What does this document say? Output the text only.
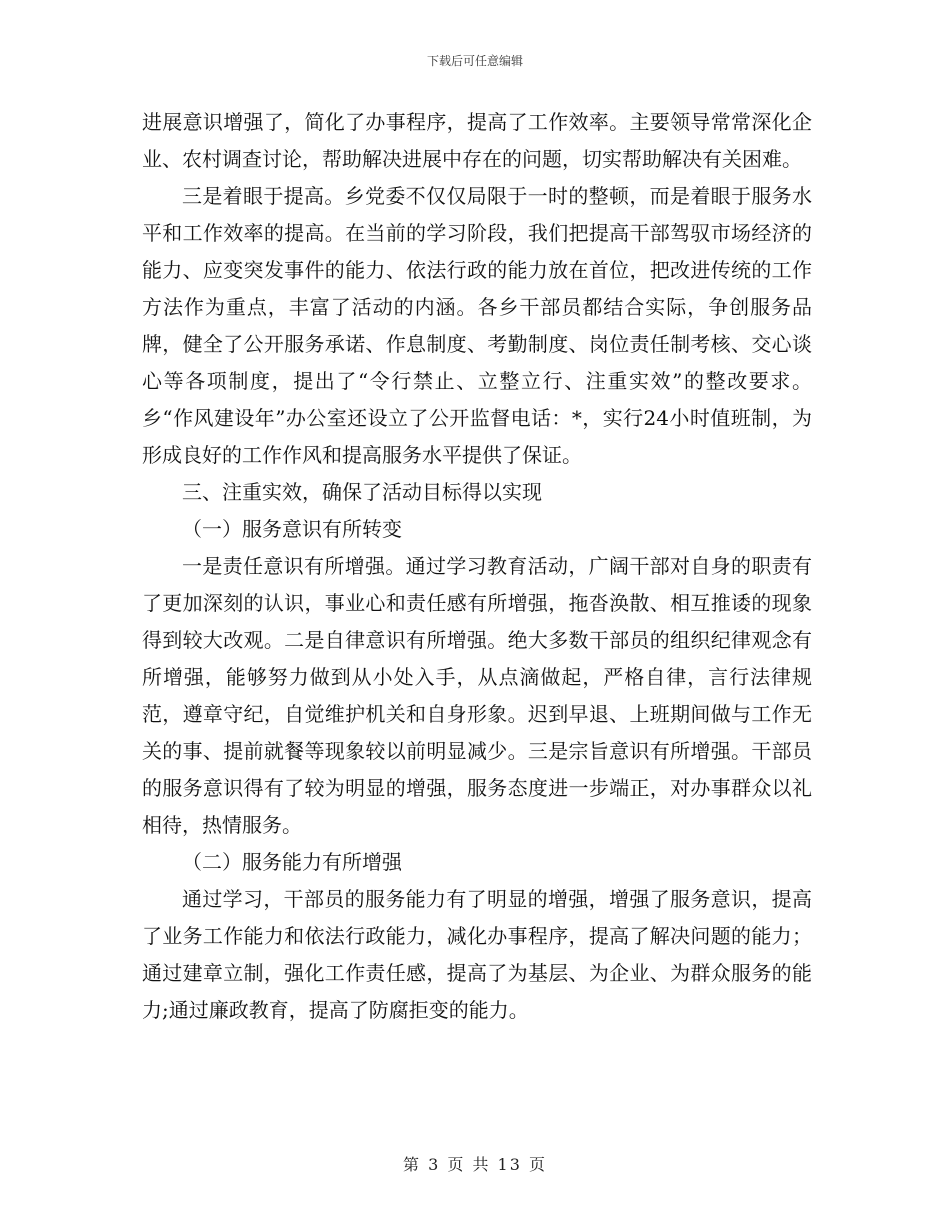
下载后可任意编辑

进展意识增强了，简化了办事程序，提高了工作效率。主要领导常常深化企业、农村调查讨论，帮助解决进展中存在的问题，切实帮助解决有关困难。

三是着眼于提高。乡党委不仅仅局限于一时的整顿，而是着眼于服务水平和工作效率的提高。在当前的学习阶段，我们把提高干部驾驭市场经济的能力、应变突发事件的能力、依法行政的能力放在首位，把改进传统的工作方法作为重点，丰富了活动的内涵。各乡干部员都结合实际，争创服务品牌，健全了公开服务承诺、作息制度、考勤制度、岗位责任制考核、交心谈心等各项制度，提出了“令行禁止、立整立行、注重实效”的整改要求。乡“作风建设年”办公室还设立了公开监督电话：*，实行24小时值班制，为形成良好的工作作风和提高服务水平提供了保证。

三、注重实效，确保了活动目标得以实现

（一）服务意识有所转变

一是责任意识有所增强。通过学习教育活动，广阔干部对自身的职责有了更加深刻的认识，事业心和责任感有所增强，拖沓涣散、相互推诿的现象得到较大改观。二是自律意识有所增强。绝大多数干部员的组织纪律观念有所增强，能够努力做到从小处入手，从点滴做起，严格自律，言行法律规范，遵章守纪，自觉维护机关和自身形象。迟到早退、上班期间做与工作无关的事、提前就餐等现象较以前明显减少。三是宗旨意识有所增强。干部员的服务意识得有了较为明显的增强，服务态度进一步端正，对办事群众以礼相待，热情服务。

（二）服务能力有所增强

通过学习，干部员的服务能力有了明显的增强，增强了服务意识，提高了业务工作能力和依法行政能力，减化办事程序，提高了解决问题的能力；通过建章立制，强化工作责任感，提高了为基层、为企业、为群众服务的能力;通过廉政教育，提高了防腐拒变的能力。

第 3 页 共 13 页
